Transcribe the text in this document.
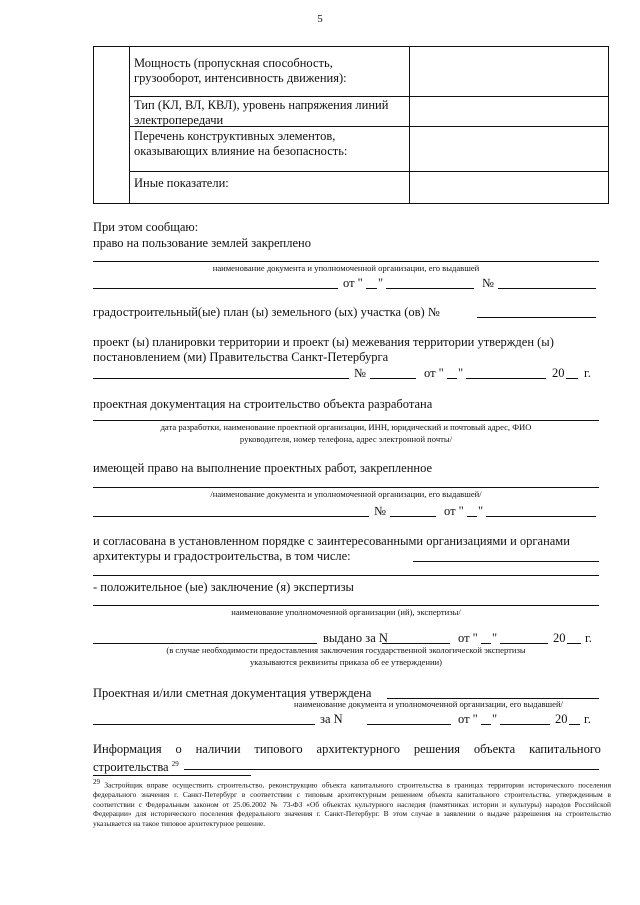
5
Мощность (пропускная способность,
грузооборот, интенсивность движения):
Тип (КЛ, ВЛ, КВЛ), уровень напряжения линий
электропередачи
Перечень конструктивных элементов,
оказывающих влияние на безопасность:
Иные показатели:
При этом сообщаю:
право на пользование землей закреплено
наименование документа и уполномоченной организации, его выдавшей
от " "	№
градостроительный(ые) план (ы) земельного (ых) участка (ов) №
проект (ы) планировки территории и проект (ы) межевания территории утвержден (ы)
постановлением (ми) Правительства Санкт-Петербурга
№	от " "	20 г.
проектная документация на строительство объекта разработана
дата разработки, наименование проектной организации, ИНН, юридический и почтовый адрес, ФИО
руководителя, номер телефона, адрес электронной почты/
имеющей право на выполнение проектных работ, закрепленное
/наименование документа и уполномоченной организации, его выдавшей/
№	от " "
и согласована в установленном порядке с заинтересованными организациями и органами
архитектуры и градостроительства, в том числе:
- положительное (ые) заключение (я) экспертизы
наименование уполномоченной организации (ий), экспертизы/
выдано за N	от " "	20 г.
(в случае необходимости предоставления заключения государственной экологической экспертизы
указываются реквизиты приказа об ее утверждении)
Проектная и/или сметная документация утверждена
наименование документа и уполномоченной организации, его выдавшей/
за N	от " "	20 г.
Информация о наличии типового архитектурного решения объекта капитального
строительства $^{29}$
$^{29}$ Застройщик вправе осуществить строительство, реконструкцию объекта капитального строительства в границах территории исторического поселения федерального значения г. Санкт-Петербург в соответствии с типовым архитектурным решением объекта капитального строительства, утвержденным в соответствии с Федеральным законом от 25.06.2002 № 73-ФЗ «Об объектах культурного наследия (памятниках истории и культуры) народов Российской Федерации» для исторического поселения федерального значения г. Санкт-Петербург. В этом случае в заявлении о выдаче разрешения на строительство указывается на такое типовое архитектурное решение.
